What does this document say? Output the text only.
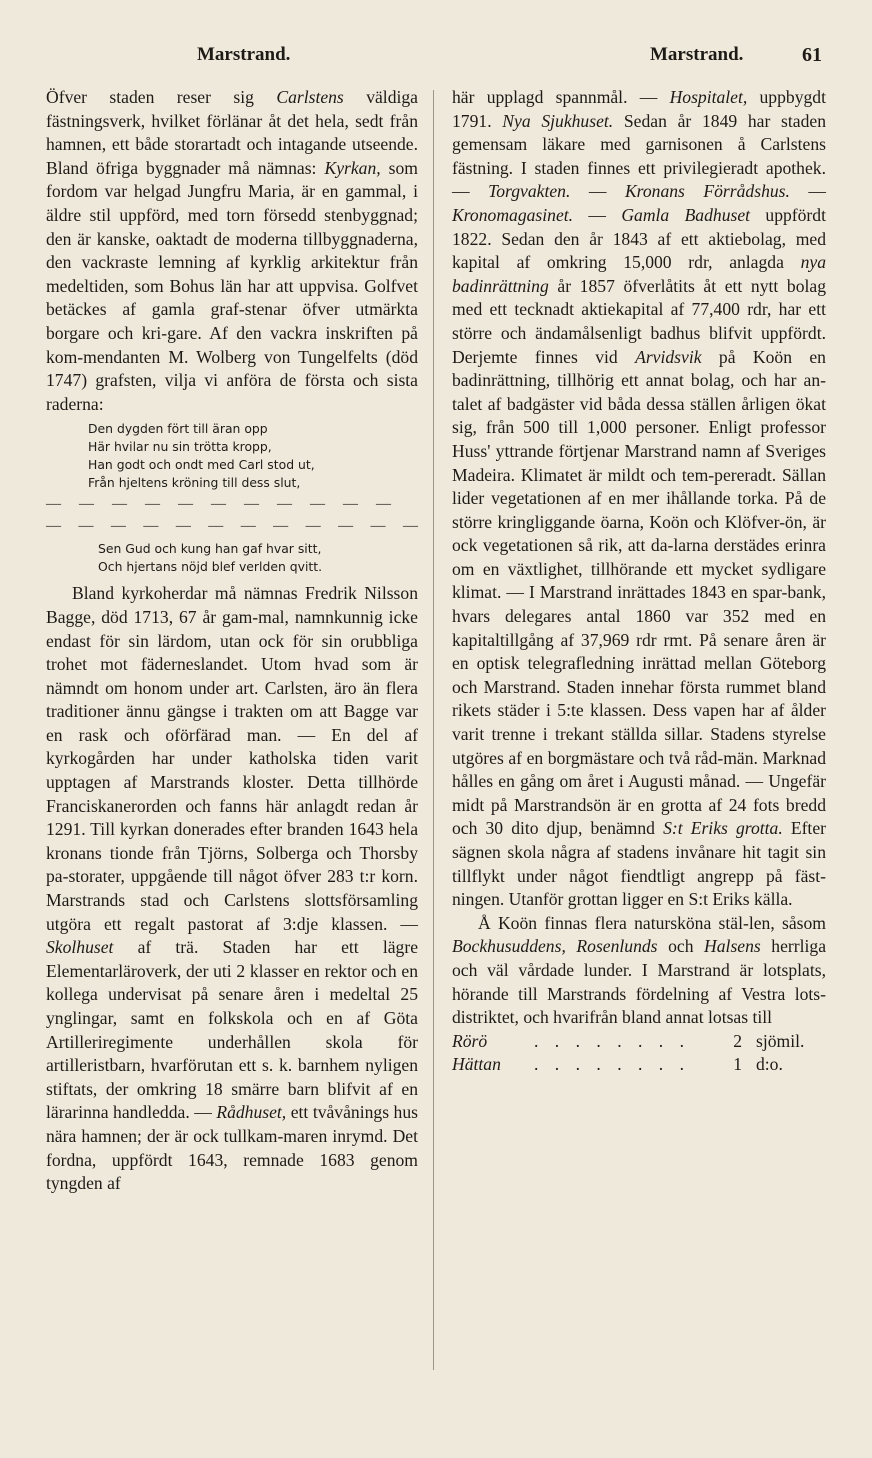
Marstrand.	Marstrand.	61

Öfver staden reser sig Carlstens väldiga fästningsverk, hvilket förlänar åt det hela, sedt från hamnen, ett både storartadt och intagande utseende. Bland öfriga byggnader må nämnas: Kyrkan, som fordom var helgad Jungfru Maria, är en gammal, i äldre stil uppförd, med torn försedd stenbyggnad; den är kanske, oaktadt de moderna tillbyggnaderna, den vackraste lemning af kyrklig arkitektur från medeltiden, som Bohus län har att uppvisa. Golfvet betäckes af gamla graf-stenar öfver utmärkta borgare och kri-gare. Af den vackra inskriften på kom-mendanten M. Wolberg von Tungelfelts (död 1747) grafsten, vilja vi anföra de första och sista raderna:

Den dygden fört till äran opp
Här hvilar nu sin trötta kropp,
Han godt och ondt med Carl stod ut,
Från hjeltens kröning till dess slut,
— — — — — — — — — — —
— — — — — — — — — — — —
Sen Gud och kung han gaf hvar sitt,
Och hjertans nöjd blef verlden qvitt.

Bland kyrkoherdar må nämnas Fredrik Nilsson Bagge, död 1713, 67 år gam-mal, namnkunnig icke endast för sin lärdom, utan ock för sin orubbliga trohet mot fäderneslandet. Utom hvad som är nämndt om honom under art. Carlsten, äro än flera traditioner ännu gängse i trakten om att Bagge var en rask och oförfärad man. — En del af kyrkogården har under katholska tiden varit upptagen af Marstrands kloster. Detta tillhörde Franciskanerorden och fanns här anlagdt redan år 1291. Till kyrkan donerades efter branden 1643 hela kronans tionde från Tjörns, Solberga och Thorsby pa-storater, uppgående till något öfver 283 t:r korn. Marstrands stad och Carlstens slottsförsamling utgöra ett regalt pastorat af 3:dje klassen. — Skolhuset af trä. Staden har ett lägre Elementarläroverk, der uti 2 klasser en rektor och en kollega undervisat på senare åren i medeltal 25 ynglingar, samt en folkskola och en af Göta Artilleriregimente underhållen skola för artilleristbarn, hvarförutan ett s. k. barnhem nyligen stiftats, der omkring 18 smärre barn blifvit af en lärarinna handledda. — Rådhuset, ett tvåvånings hus nära hamnen; der är ock tullkam-maren inrymd. Det fordna, uppfördt 1643, remnade 1683 genom tyngden af

här upplagd spannmål. — Hospitalet, uppbygdt 1791. Nya Sjukhuset. Sedan år 1849 har staden gemensam läkare med garnisonen å Carlstens fästning. I staden finnes ett privilegieradt apothek. — Torgvakten. — Kronans Förrådshus. — Kronomagasinet. — Gamla Badhuset uppfördt 1822. Sedan den år 1843 af ett aktiebolag, med kapital af omkring 15,000 rdr, anlagda nya badinrättning år 1857 öfverlåtits åt ett nytt bolag med ett tecknadt aktiekapital af 77,400 rdr, har ett större och ändamålsenligt badhus blifvit uppfördt. Derjemte finnes vid Arvidsvik på Koön en badinrättning, tillhörig ett annat bolag, och har an-talet af badgäster vid båda dessa ställen årligen ökat sig, från 500 till 1,000 personer. Enligt professor Huss' yttrande förtjenar Marstrand namn af Sveriges Madeira. Klimatet är mildt och tem-pereradt. Sällan lider vegetationen af en mer ihållande torka. På de större kringliggande öarna, Koön och Klöfver-ön, är ock vegetationen så rik, att da-larna derstädes erinra om en växtlighet, tillhörande ett mycket sydligare klimat. — I Marstrand inrättades 1843 en spar-bank, hvars delegares antal 1860 var 352 med en kapitaltillgång af 37,969 rdr rmt. På senare åren är en optisk telegrafledning inrättad mellan Göteborg och Marstrand. Staden innehar första rummet bland rikets städer i 5:te klassen. Dess vapen har af ålder varit trenne i trekant ställda sillar. Stadens styrelse utgöres af en borgmästare och två råd-män. Marknad hålles en gång om året i Augusti månad. — Ungefär midt på Marstrandsön är en grotta af 24 fots bredd och 30 dito djup, benämnd S:t Eriks grotta. Efter sägnen skola några af stadens invånare hit tagit sin tillflykt under något fiendtligt angrepp på fäst-ningen. Utanför grottan ligger en S:t Eriks källa.

Å Koön finnas flera natursköna stäl-len, såsom Bockhusuddens, Rosenlunds och Halsens herrliga och väl vårdade lunder. I Marstrand är lotsplats, hörande till Marstrands fördelning af Vestra lots-distriktet, och hvarifrån bland annat lotsas till

Rörö	. . . . . . . .	2	sjömil.
Hättan	. . . . . . . .	1	d:o.
